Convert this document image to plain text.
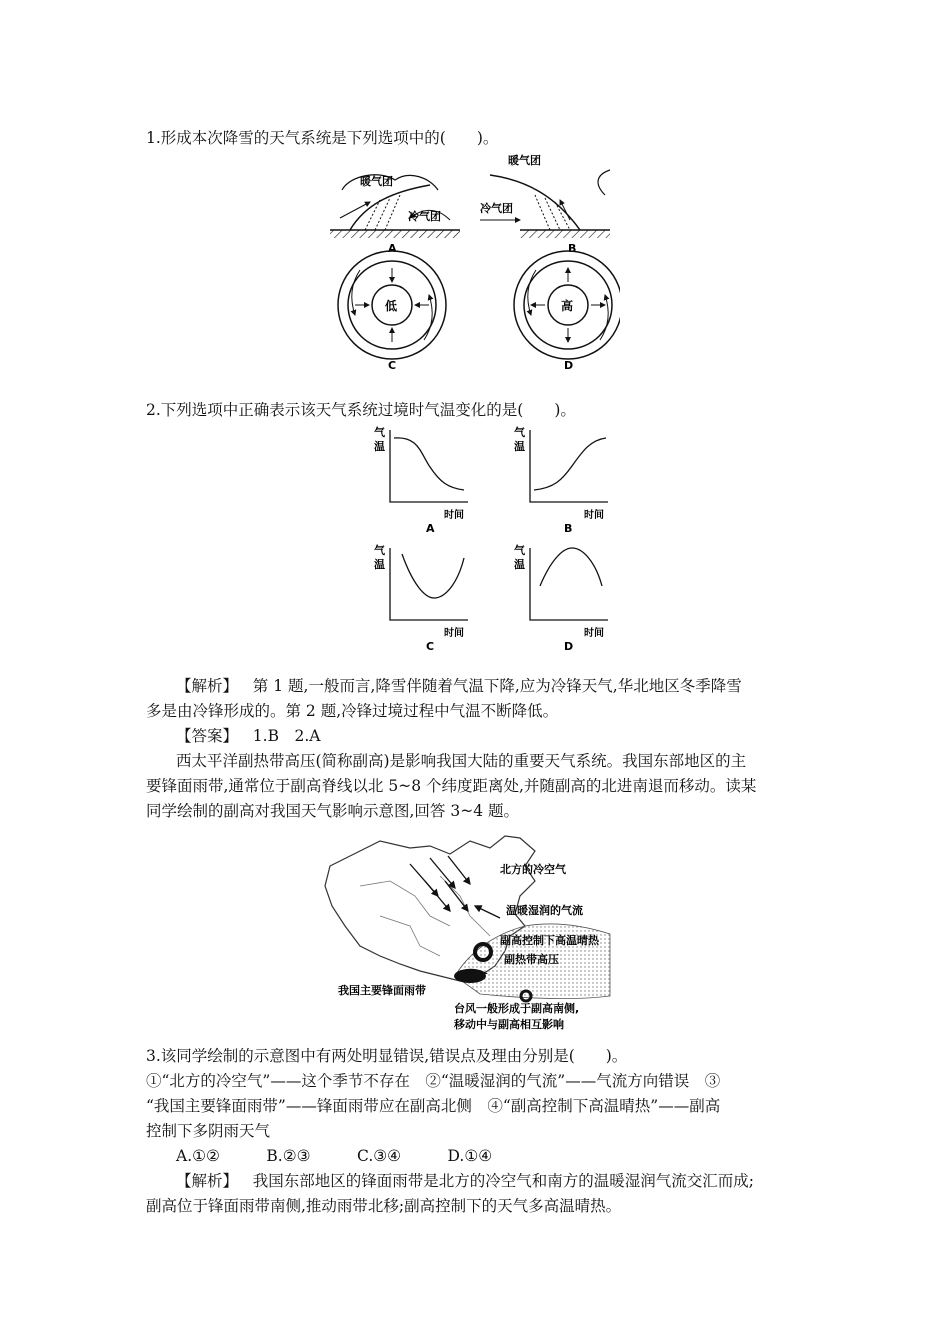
1.形成本次降雪的天气系统是下列选项中的(　　)。
暖气团
冷气团
A
暖气团
冷气团
B
低
C
高
D
2.下列选项中正确表示该天气系统过境时气温变化的是(　　)。
气
温
时间
A
气
温
时间
B
气
温
时间
C
气
温
时间
D
【解析】 第 1 题,一般而言,降雪伴随着气温下降,应为冷锋天气,华北地区冬季降雪
多是由冷锋形成的。第 2 题,冷锋过境过程中气温不断降低。
【答案】 1.B　2.A
西太平洋副热带高压(简称副高)是影响我国大陆的重要天气系统。我国东部地区的主
要锋面雨带,通常位于副高脊线以北 5~8 个纬度距离处,并随副高的北进南退而移动。读某
同学绘制的副高对我国天气影响示意图,回答 3~4 题。
北方的冷空气
温暖湿润的气流
副高控制下高温晴热
副热带高压
我国主要锋面雨带
台风一般形成于副高南侧,
移动中与副高相互影响
3.该同学绘制的示意图中有两处明显错误,错误点及理由分别是(　　)。
①“北方的冷空气”——这个季节不存在　②“温暖湿润的气流”——气流方向错误　③
“我国主要锋面雨带”——锋面雨带应在副高北侧　④“副高控制下高温晴热”——副高
控制下多阴雨天气
A.①②　　　B.②③　　　C.③④　　　D.①④
【解析】 我国东部地区的锋面雨带是北方的冷空气和南方的温暖湿润气流交汇而成;
副高位于锋面雨带南侧,推动雨带北移;副高控制下的天气多高温晴热。
